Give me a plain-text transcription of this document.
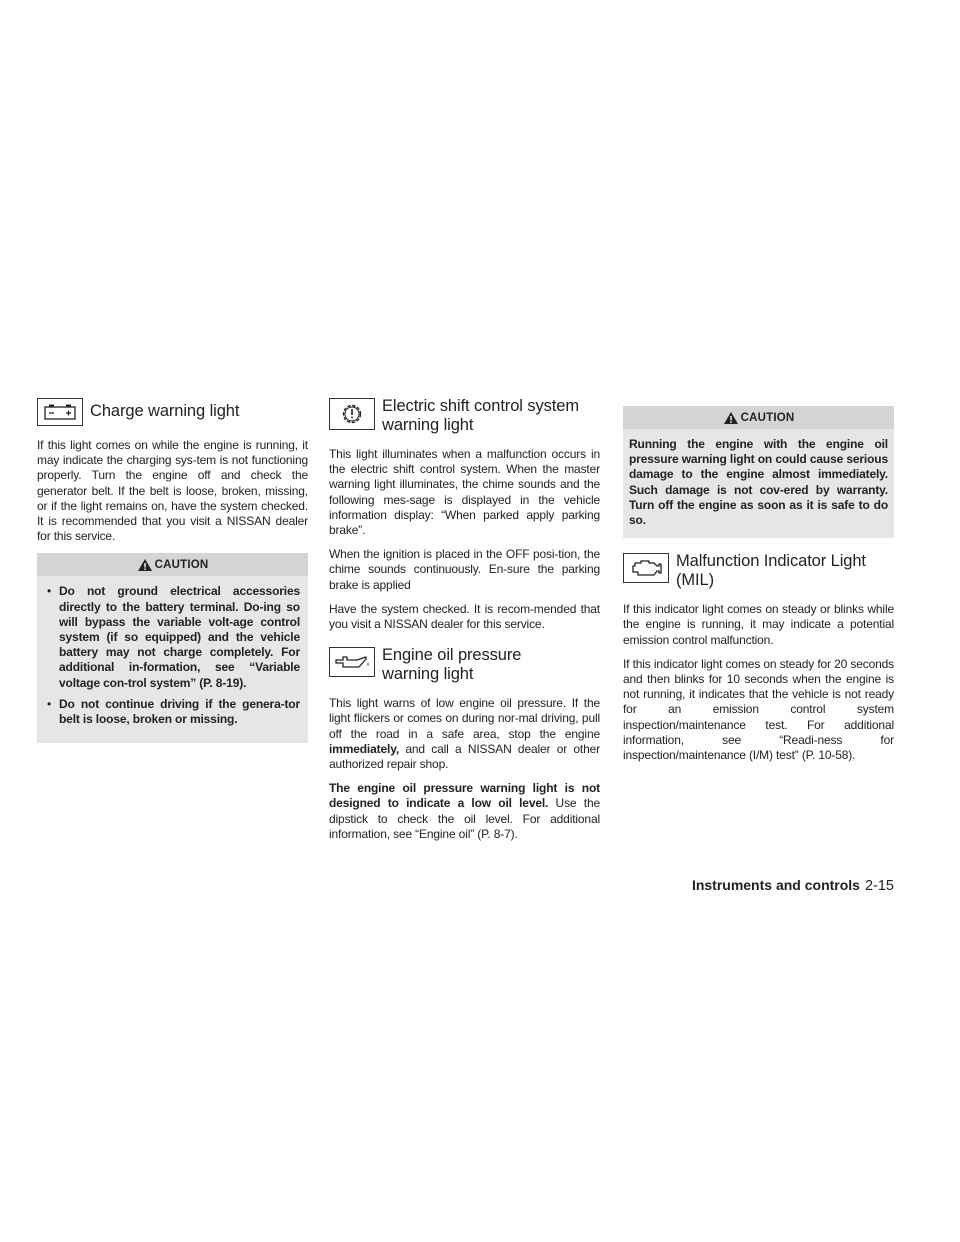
Charge warning light

If this light comes on while the engine is running, it may indicate the charging sys-tem is not functioning properly. Turn the engine off and check the generator belt. If the belt is loose, broken, missing, or if the light remains on, have the system checked. It is recommended that you visit a NISSAN dealer for this service.

CAUTION
• Do not ground electrical accessories directly to the battery terminal. Do-ing so will bypass the variable volt-age control system (if so equipped) and the vehicle battery may not charge completely. For additional in-formation, see “Variable voltage con-trol system” (P. 8-19).
• Do not continue driving if the genera-tor belt is loose, broken or missing.
Electric shift control system
warning light

This light illuminates when a malfunction occurs in the electric shift control system. When the master warning light illuminates, the chime sounds and the following mes-sage is displayed in the vehicle information display: “When parked apply parking brake”.

When the ignition is placed in the OFF posi-tion, the chime sounds continuously. En-sure the parking brake is applied

Have the system checked. It is recom-mended that you visit a NISSAN dealer for this service.

Engine oil pressure
warning light

This light warns of low engine oil pressure. If the light flickers or comes on during nor-mal driving, pull off the road in a safe area, stop the engine immediately, and call a NISSAN dealer or other authorized repair shop.

The engine oil pressure warning light is not designed to indicate a low oil level. Use the dipstick to check the oil level. For additional information, see “Engine oil” (P. 8-7).

CAUTION
Running the engine with the engine oil pressure warning light on could cause serious damage to the engine almost immediately. Such damage is not cov-ered by warranty. Turn off the engine as soon as it is safe to do so.
Malfunction Indicator Light
(MIL)

If this indicator light comes on steady or blinks while the engine is running, it may indicate a potential emission control malfunction.

If this indicator light comes on steady for 20 seconds and then blinks for 10 seconds when the engine is not running, it indicates that the vehicle is not ready for an emission control system inspection/maintenance test. For additional information, see “Readi-ness for inspection/maintenance (I/M) test” (P. 10-58).

Instruments and controls 2-15
